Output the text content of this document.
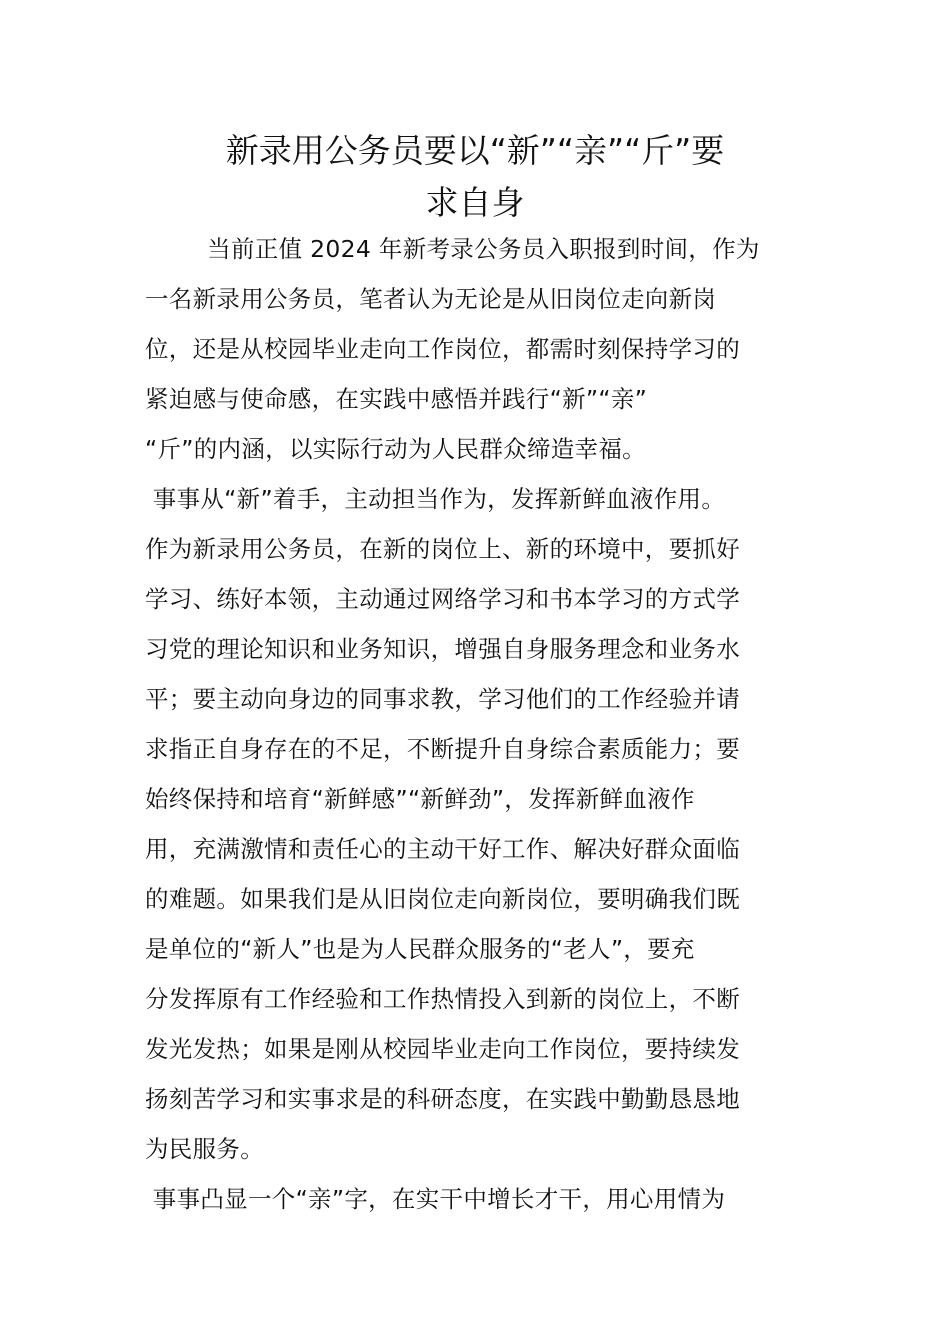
新录用公务员要以“新”“亲”“斤”要
求自身
当前正值 2024 年新考录公务员入职报到时间，作为
一名新录用公务员，笔者认为无论是从旧岗位走向新岗
位，还是从校园毕业走向工作岗位，都需时刻保持学习的
紧迫感与使命感，在实践中感悟并践行“新”“亲”
“斤”的内涵，以实际行动为人民群众缔造幸福。
事事从“新”着手，主动担当作为，发挥新鲜血液作用。
作为新录用公务员，在新的岗位上、新的环境中，要抓好
学习、练好本领，主动通过网络学习和书本学习的方式学
习党的理论知识和业务知识，增强自身服务理念和业务水
平；要主动向身边的同事求教，学习他们的工作经验并请
求指正自身存在的不足，不断提升自身综合素质能力；要
始终保持和培育“新鲜感”“新鲜劲”，发挥新鲜血液作
用，充满激情和责任心的主动干好工作、解决好群众面临
的难题。如果我们是从旧岗位走向新岗位，要明确我们既
是单位的“新人”也是为人民群众服务的“老人”，要充
分发挥原有工作经验和工作热情投入到新的岗位上，不断
发光发热；如果是刚从校园毕业走向工作岗位，要持续发
扬刻苦学习和实事求是的科研态度，在实践中勤勤恳恳地
为民服务。
事事凸显一个“亲”字，在实干中增长才干，用心用情为
